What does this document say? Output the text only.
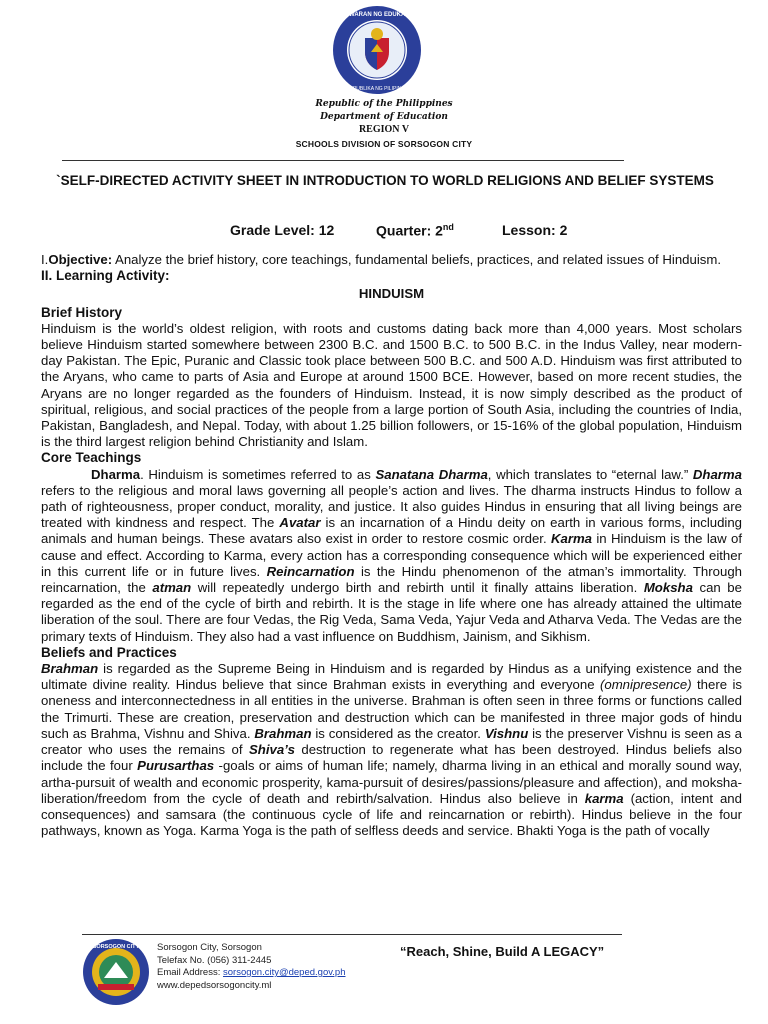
KAGAWARAN NG EDUKASYON
REPUBLIKA NG PILIPINAS
Republic of the Philippines
Department of Education
REGION V
SCHOOLS DIVISION OF SORSOGON CITY
`SELF-DIRECTED ACTIVITY SHEET IN INTRODUCTION TO WORLD RELIGIONS AND BELIEF SYSTEMS
Grade Level: 12	Quarter: 2nd	Lesson: 2

I.Objective: Analyze the brief history, core teachings, fundamental beliefs, practices, and related issues of Hinduism.

II. Learning Activity:

HINDUISM

Brief History

Hinduism is the world’s oldest religion, with roots and customs dating back more than 4,000 years. Most scholars believe Hinduism started somewhere between 2300 B.C. and 1500 B.C. to 500 B.C. in the Indus Valley, near modern-day Pakistan. The Epic, Puranic and Classic took place between 500 B.C. and 500 A.D. Hinduism was first attributed to the Aryans, who came to parts of Asia and Europe at around 1500 BCE. However, based on more recent studies, the Aryans are no longer regarded as the founders of Hinduism. Instead, it is now simply described as the product of spiritual, religious, and social practices of the people from a large portion of South Asia, including the countries of India, Pakistan, Bangladesh, and Nepal. Today, with about 1.25 billion followers, or 15-16% of the global population, Hinduism is the third largest religion behind Christianity and Islam.

Core Teachings

Dharma. Hinduism is sometimes referred to as Sanatana Dharma, which translates to “eternal law.” Dharma refers to the religious and moral laws governing all people’s action and lives. The dharma instructs Hindus to follow a path of righteousness, proper conduct, morality, and justice. It also guides Hindus in ensuring that all living beings are treated with kindness and respect. The Avatar is an incarnation of a Hindu deity on earth in various forms, including animals and human beings. These avatars also exist in order to restore cosmic order. Karma in Hinduism is the law of cause and effect. According to Karma, every action has a corresponding consequence which will be experienced either in this current life or in future lives. Reincarnation is the Hindu phenomenon of the atman’s immortality. Through reincarnation, the atman will repeatedly undergo birth and rebirth until it finally attains liberation. Moksha can be regarded as the end of the cycle of birth and rebirth. It is the stage in life where one has already attained the ultimate liberation of the soul. There are four Vedas, the Rig Veda, Sama Veda, Yajur Veda and Atharva Veda. The Vedas are the primary texts of Hinduism. They also had a vast influence on Buddhism, Jainism, and Sikhism.

Beliefs and Practices

Brahman is regarded as the Supreme Being in Hinduism and is regarded by Hindus as a unifying existence and the ultimate divine reality. Hindus believe that since Brahman exists in everything and everyone (omnipresence) there is oneness and interconnectedness in all entities in the universe. Brahman is often seen in three forms or functions called the Trimurti. These are creation, preservation and destruction which can be manifested in three major gods of hindu such as Brahma, Vishnu and Shiva. Brahman is considered as the creator. Vishnu is the preserver Vishnu is seen as a creator who uses the remains of Shiva’s destruction to regenerate what has been destroyed. Hindus beliefs also include the four Purusarthas -goals or aims of human life; namely, dharma living in an ethical and morally sound way, artha-pursuit of wealth and economic prosperity, kama-pursuit of desires/passions/pleasure and affection), and moksha-liberation/freedom from the cycle of death and rebirth/salvation. Hindus also believe in karma (action, intent and consequences) and samsara (the continuous cycle of life and reincarnation or rebirth). Hindus believe in the four pathways, known as Yoga. Karma Yoga is the path of selfless deeds and service. Bhakti Yoga is the path of vocally

SORSOGON CITY Sorsogon City, Sorsogon
Telefax No. (056) 311-2445
Email Address: sorsogon.city@deped.gov.ph
www.depedsorsogoncity.ml
“Reach, Shine, Build A LEGACY”
